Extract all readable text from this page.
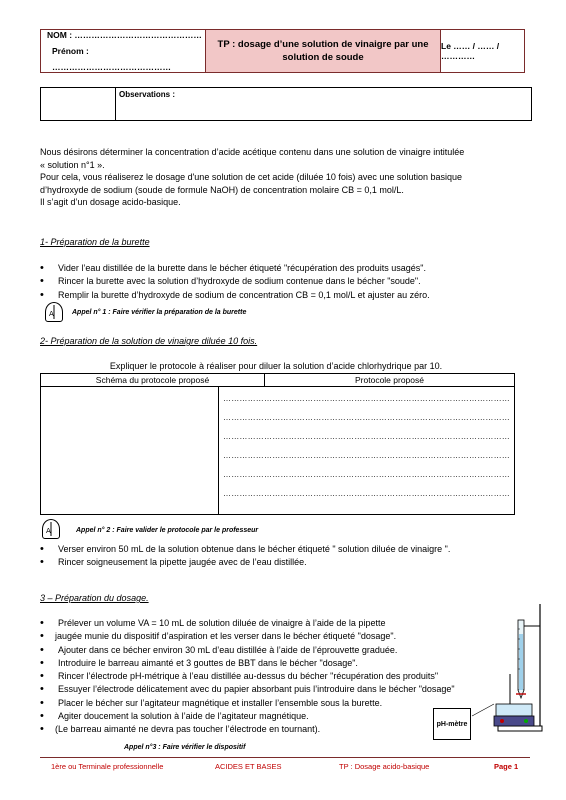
NOM : ………………………………………
Prénom : ……………………………………
TP : dosage d’une solution de vinaigre par une solution de soude
Le …… / …… / …………
Observations :
Nous désirons déterminer la concentration d’acide acétique contenu dans une solution de vinaigre intitulée
« solution n°1 ».
Pour cela, vous réaliserez le dosage d'une solution de cet acide (diluée 10 fois) avec une solution basique
d’hydroxyde de sodium (soude de formule NaOH) de concentration molaire CB = 0,1 mol/L.
Il s’agit d’un dosage acido-basique.
1- Préparation de la burette
• Vider l’eau distillée de la burette dans le bécher étiqueté "récupération des produits usagés".
• Rincer la burette avec la solution d’hydroxyde de sodium contenue dans le bécher "soude".
• Remplir la burette d’hydroxyde de sodium de concentration CB = 0,1 mol/L et ajuster au zéro.
A	Appel n° 1 : Faire vérifier la préparation de la burette
2- Préparation de la solution de vinaigre diluée 10 fois.
Expliquer le protocole à réaliser pour diluer la solution d’acide chlorhydrique par 10.
Schéma du protocole proposé	Protocole proposé
……………………………………………………………………………………………
……………………………………………………………………………………………
……………………………………………………………………………………………
……………………………………………………………………………………………
……………………………………………………………………………………………
……………………………………………………………………………………………
A	Appel n° 2 : Faire valider le protocole par le professeur
• Verser environ 50 mL de la solution obtenue dans le bécher étiqueté " solution diluée de vinaigre ".
• Rincer soigneusement la pipette jaugée avec de l’eau distillée.
3 – Préparation du dosage.
• Prélever un volume VA = 10 mL de solution diluée de vinaigre à l’aide de la pipette
• jaugée munie du dispositif d’aspiration et les verser dans le bécher étiqueté "dosage".
• Ajouter dans ce bécher environ 30 mL d’eau distillée à l’aide de l’éprouvette graduée.
• Introduire le barreau aimanté et 3 gouttes de BBT dans le bécher "dosage".
• Rincer l’électrode pH-métrique à l’eau distillée au-dessus du bécher "récupération des produits"
• Essuyer l’électrode délicatement avec du papier absorbant puis l’introduire dans le bécher "dosage"
• Placer le bécher sur l’agitateur magnétique et installer l’ensemble sous la burette.
• Agiter doucement la solution à l’aide de l’agitateur magnétique.
• (Le barreau aimanté ne devra pas toucher l’électrode en tournant).
pH-mètre
Appel n°3 : Faire vérifier le dispositif
1ère ou Terminale professionnelle	ACIDES ET BASES	TP : Dosage acido-basique	Page 1
